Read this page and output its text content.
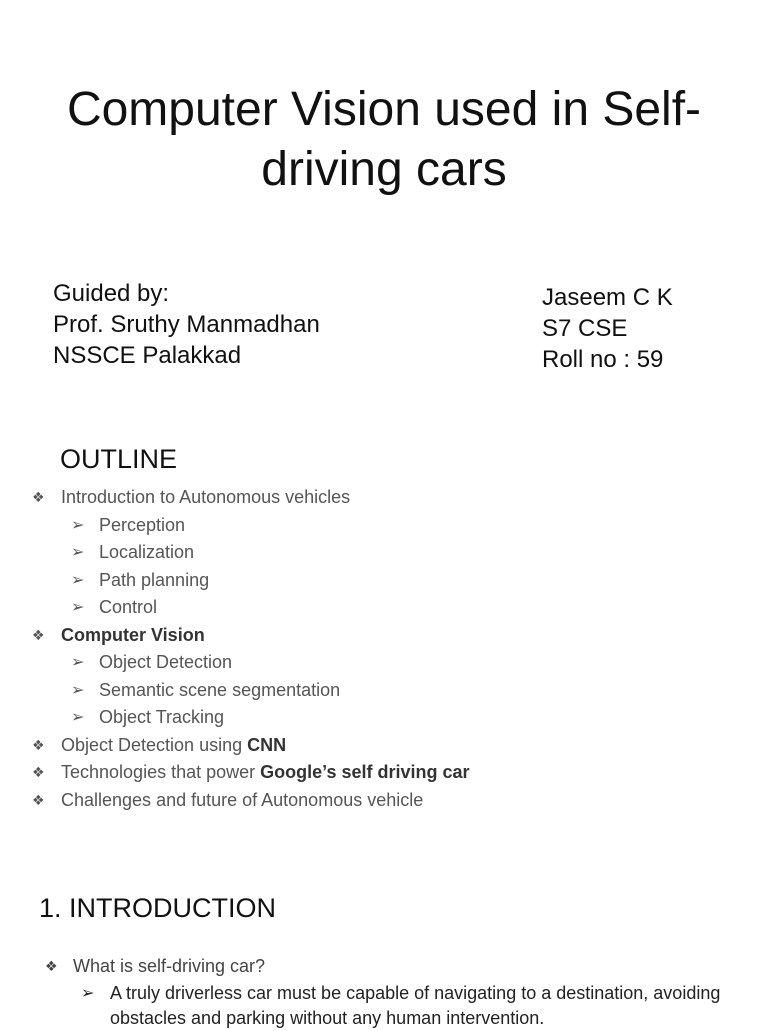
Computer Vision used in Self-driving cars
Guided by:
Prof. Sruthy Manmadhan
NSSCE Palakkad
Jaseem C K
S7 CSE
Roll no : 59
OUTLINE
❖ Introduction to Autonomous vehicles
➢ Perception
➢ Localization
➢ Path planning
➢ Control
❖ Computer Vision
➢ Object Detection
➢ Semantic scene segmentation
➢ Object Tracking
❖ Object Detection using CNN
❖ Technologies that power Google’s self driving car
❖ Challenges and future of Autonomous vehicle
1. INTRODUCTION
❖ What is self-driving car?
➢ A truly driverless car must be capable of navigating to a destination, avoiding obstacles and parking without any human intervention.
